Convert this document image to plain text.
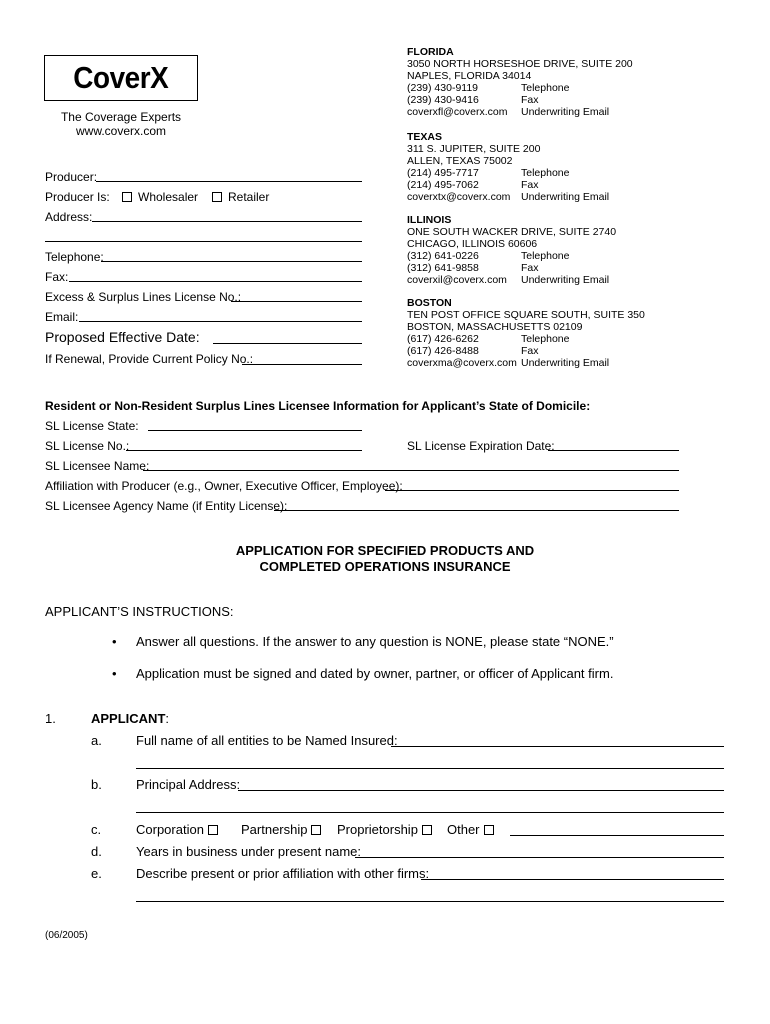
CoverX
The Coverage Experts
www.coverx.com
FLORIDA
3050 NORTH HORSESHOE DRIVE, SUITE 200
NAPLES, FLORIDA 34014
(239) 430-9119	Telephone
(239) 430-9416	Fax
coverxfl@coverx.com	Underwriting Email
TEXAS
311 S. JUPITER, SUITE 200
ALLEN, TEXAS 75002
(214) 495-7717	Telephone
(214) 495-7062	Fax
coverxtx@coverx.com	Underwriting Email
ILLINOIS
ONE SOUTH WACKER DRIVE, SUITE 2740
CHICAGO, ILLINOIS 60606
(312) 641-0226	Telephone
(312) 641-9858	Fax
coverxil@coverx.com	Underwriting Email
BOSTON
TEN POST OFFICE SQUARE SOUTH, SUITE 350
BOSTON, MASSACHUSETTS 02109
(617) 426-6262	Telephone
(617) 426-8488	Fax
coverxma@coverx.com Underwriting Email
Producer:
Producer Is:	Wholesaler	Retailer
Address:
Telephone:
Fax:
Excess & Surplus Lines License No.:
Email:
Proposed Effective Date:
If Renewal, Provide Current Policy No.:
Resident or Non-Resident Surplus Lines Licensee Information for Applicant’s State of Domicile:
SL License State:
SL License No.:	SL License Expiration Date:
SL Licensee Name:
Affiliation with Producer (e.g., Owner, Executive Officer, Employee):
SL Licensee Agency Name (if Entity License):
APPLICATION FOR SPECIFIED PRODUCTS AND
COMPLETED OPERATIONS INSURANCE
APPLICANT’S INSTRUCTIONS:
• Answer all questions. If the answer to any question is NONE, please state “NONE.”
• Application must be signed and dated by owner, partner, or officer of Applicant firm.
1.	APPLICANT:
a.	Full name of all entities to be Named Insured:
b.	Principal Address:
c.	Corporation	Partnership	Proprietorship	Other
d.	Years in business under present name:
e.	Describe present or prior affiliation with other firms:
(06/2005)
